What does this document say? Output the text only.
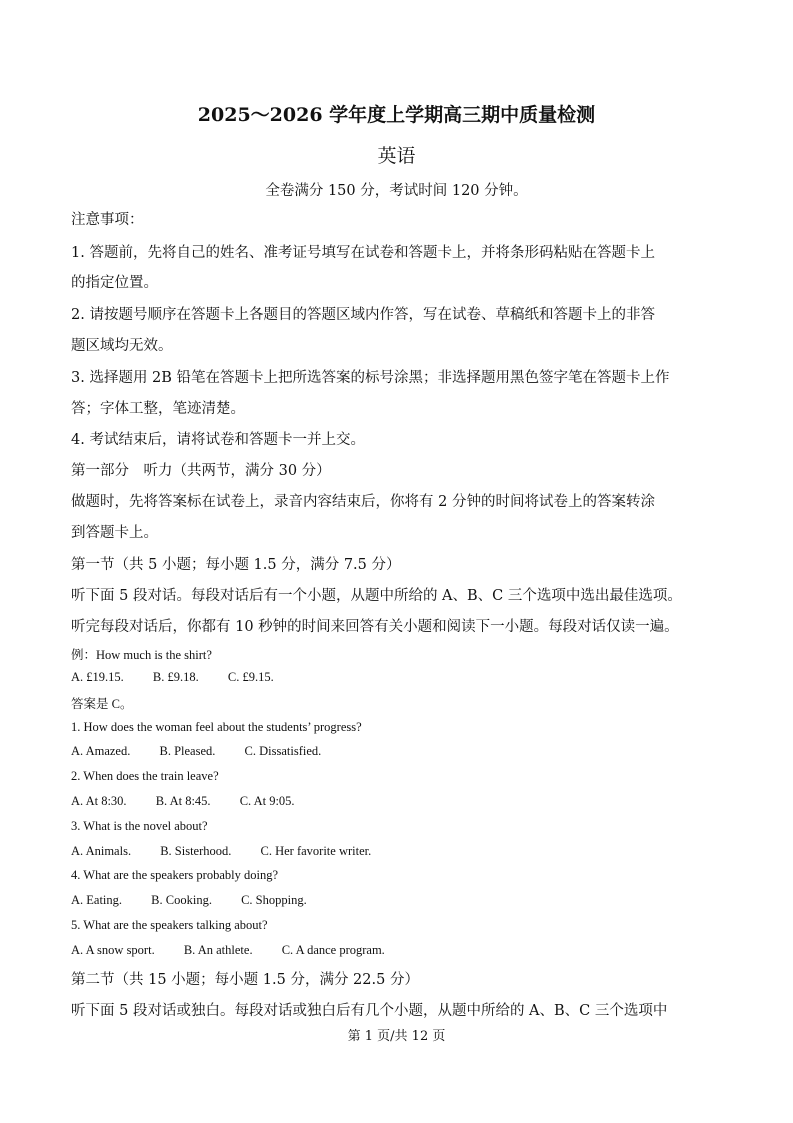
2025～2026 学年度上学期高三期中质量检测
英语
全卷满分 150 分，考试时间 120 分钟。
注意事项：
1. 答题前，先将自己的姓名、准考证号填写在试卷和答题卡上，并将条形码粘贴在答题卡上
的指定位置。
2. 请按题号顺序在答题卡上各题目的答题区域内作答，写在试卷、草稿纸和答题卡上的非答
题区域均无效。
3. 选择题用 2B 铅笔在答题卡上把所选答案的标号涂黑；非选择题用黑色签字笔在答题卡上作
答；字体工整，笔迹清楚。
4. 考试结束后，请将试卷和答题卡一并上交。
第一部分　听力（共两节，满分 30 分）
做题时，先将答案标在试卷上，录音内容结束后，你将有 2 分钟的时间将试卷上的答案转涂
到答题卡上。
第一节（共 5 小题；每小题 1.5 分，满分 7.5 分）
听下面 5 段对话。每段对话后有一个小题，从题中所给的 A、B、C 三个选项中选出最佳选项。
听完每段对话后，你都有 10 秒钟的时间来回答有关小题和阅读下一小题。每段对话仅读一遍。
例：How much is the shirt?
A. £19.15. B. £9.18. C. £9.15.
答案是 C。
1. How does the woman feel about the students’ progress?
A. Amazed. B. Pleased. C. Dissatisfied.
2. When does the train leave?
A. At 8:30. B. At 8:45. C. At 9:05.
3. What is the novel about?
A. Animals. B. Sisterhood. C. Her favorite writer.
4. What are the speakers probably doing?
A. Eating. B. Cooking. C. Shopping.
5. What are the speakers talking about?
A. A snow sport. B. An athlete. C. A dance program.
第二节（共 15 小题；每小题 1.5 分，满分 22.5 分）
听下面 5 段对话或独白。每段对话或独白后有几个小题，从题中所给的 A、B、C 三个选项中
第 1 页/共 12 页
